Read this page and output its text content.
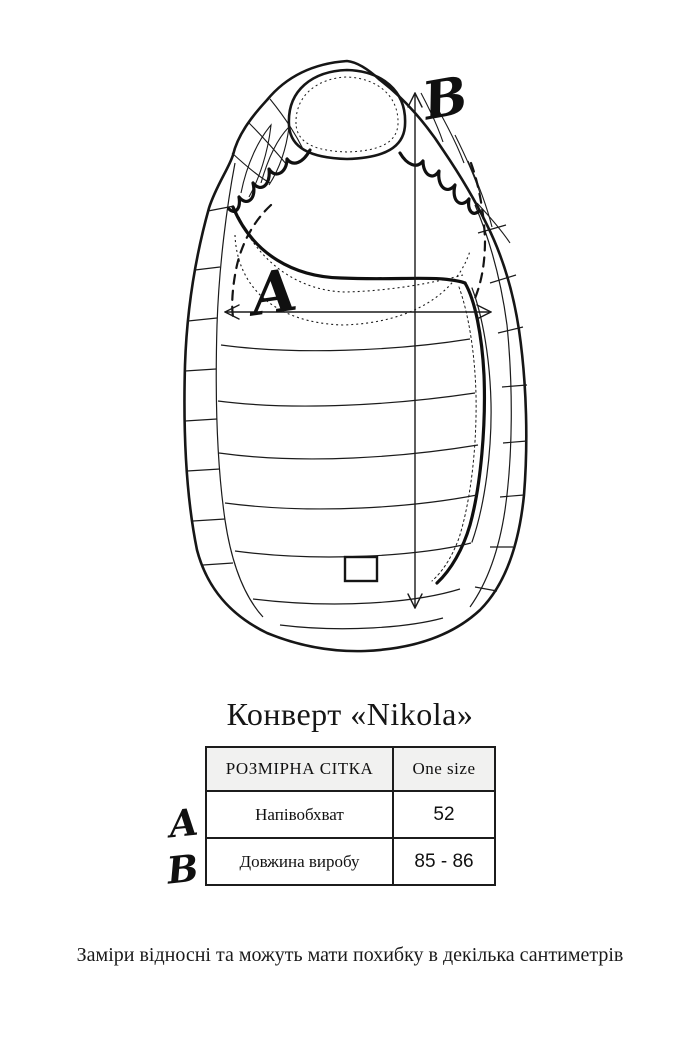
A
B
Конверт «Nikola»
A
B
РОЗМІРНА СІТКА	One size
Напівобхват	52
Довжина виробу	85 - 86
Заміри відносні та можуть мати похибку в декілька сантиметрів
